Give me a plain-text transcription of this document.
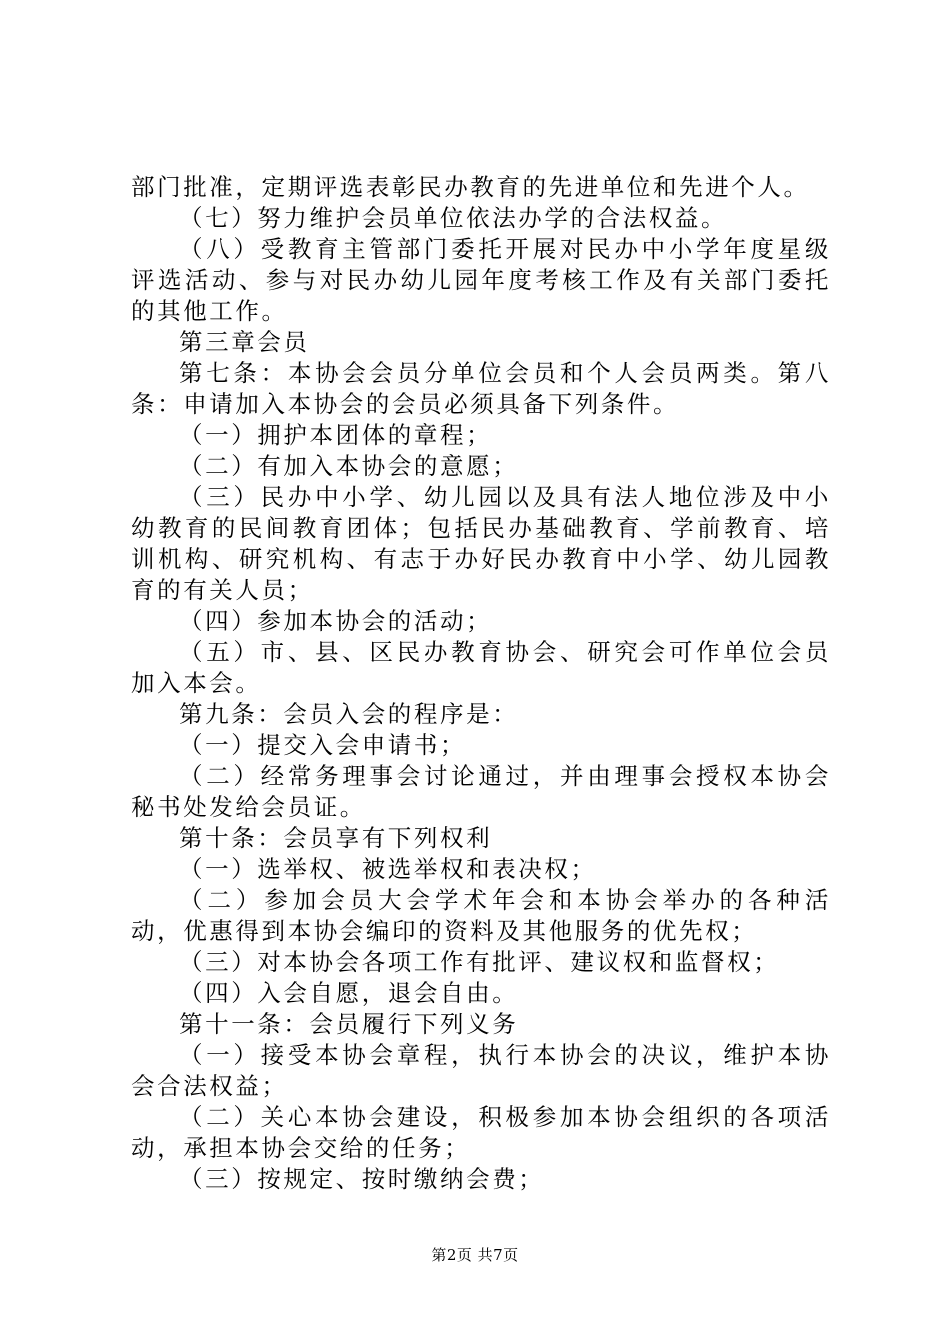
部门批准，定期评选表彰民办教育的先进单位和先进个人。

（七）努力维护会员单位依法办学的合法权益。

（八）受教育主管部门委托开展对民办中小学年度星级评选活动、参与对民办幼儿园年度考核工作及有关部门委托的其他工作。

第三章会员

第七条：本协会会员分单位会员和个人会员两类。第八条：申请加入本协会的会员必须具备下列条件。

（一）拥护本团体的章程；

（二）有加入本协会的意愿；

（三）民办中小学、幼儿园以及具有法人地位涉及中小幼教育的民间教育团体；包括民办基础教育、学前教育、培训机构、研究机构、有志于办好民办教育中小学、幼儿园教育的有关人员；

（四）参加本协会的活动；

（五）市、县、区民办教育协会、研究会可作单位会员加入本会。

第九条：会员入会的程序是：

（一）提交入会申请书；

（二）经常务理事会讨论通过，并由理事会授权本协会秘书处发给会员证。

第十条：会员享有下列权利

（一）选举权、被选举权和表决权；

（二）参加会员大会学术年会和本协会举办的各种活动，优惠得到本协会编印的资料及其他服务的优先权；

（三）对本协会各项工作有批评、建议权和监督权；

（四）入会自愿，退会自由。

第十一条：会员履行下列义务

（一）接受本协会章程，执行本协会的决议，维护本协会合法权益；

（二）关心本协会建设，积极参加本协会组织的各项活动，承担本协会交给的任务；

（三）按规定、按时缴纳会费；

第2页 共7页
